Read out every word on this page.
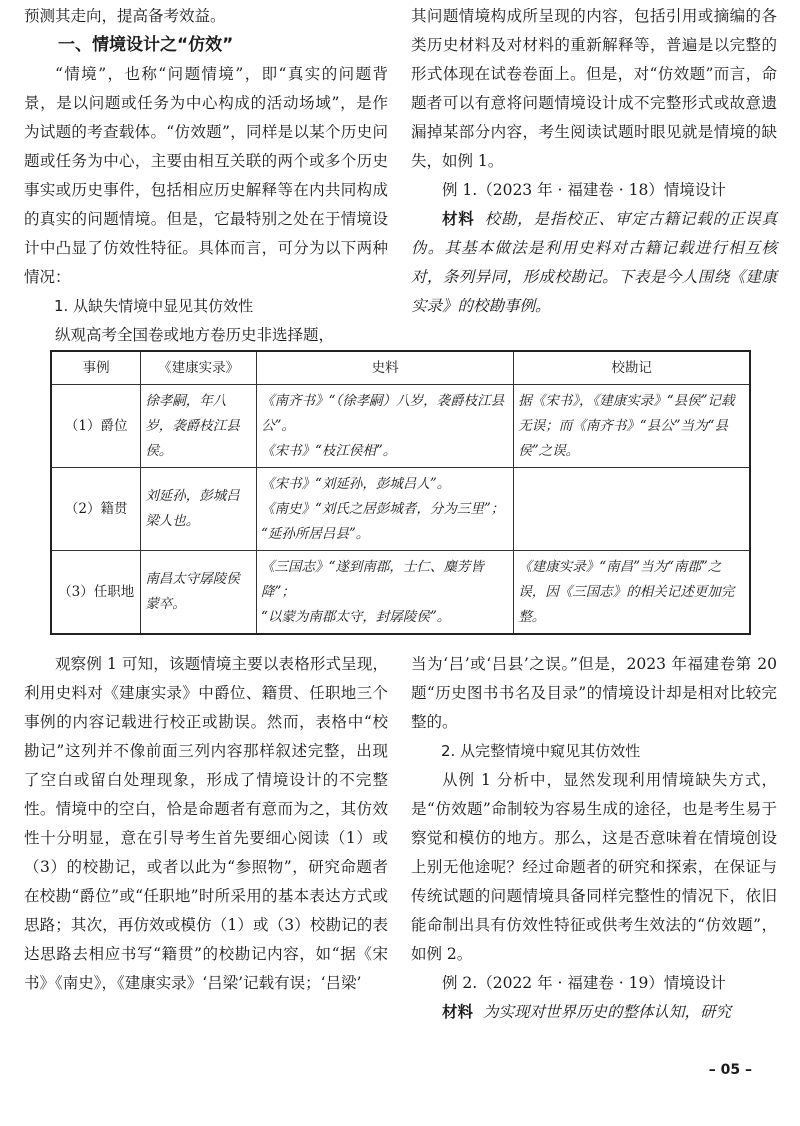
预测其走向，提高备考效益。

一、情境设计之“仿效”

“情境”，也称“问题情境”，即“真实的问题背景，是以问题或任务为中心构成的活动场域”，是作为试题的考查载体。“仿效题”，同样是以某个历史问题或任务为中心，主要由相互关联的两个或多个历史事实或历史事件，包括相应历史解释等在内共同构成的真实的问题情境。但是，它最特别之处在于情境设计中凸显了仿效性特征。具体而言，可分为以下两种情况：

1. 从缺失情境中显见其仿效性

纵观高考全国卷或地方卷历史非选择题，

其问题情境构成所呈现的内容，包括引用或摘编的各类历史材料及对材料的重新解释等，普遍是以完整的形式体现在试卷卷面上。但是，对“仿效题”而言，命题者可以有意将问题情境设计成不完整形式或故意遗漏掉某部分内容，考生阅读试题时眼见就是情境的缺失，如例 1。

例 1.（2023 年 · 福建卷 · 18）情境设计

材料 校勘，是指校正、审定古籍记载的正误真伪。其基本做法是利用史料对古籍记载进行相互核对，条列异同，形成校勘记。下表是今人围绕《建康实录》的校勘事例。

事例	《建康实录》	史料	校勘记
（1）爵位	徐孝嗣，年八岁，袭爵枝江县侯。	《南齐书》“（徐孝嗣）八岁，袭爵枝江县公”。
《宋书》“枝江侯相”。	据《宋书》，《建康实录》“县侯”记载无误；而《南齐书》“县公”当为“县侯”之误。
（2）籍贯	刘延孙，彭城吕梁人也。	《宋书》“刘延孙，彭城吕人”。
《南史》“刘氏之居彭城者，分为三里”；
“延孙所居吕县”。	

（3）任职地	南昌太守孱陵侯蒙卒。	《三国志》“遂到南郡，士仁、麋芳皆降”；
“以蒙为南郡太守，封孱陵侯”。	《建康实录》“南昌”当为“南郡”之误，因《三国志》的相关记述更加完整。

观察例 1 可知，该题情境主要以表格形式呈现，利用史料对《建康实录》中爵位、籍贯、任职地三个事例的内容记载进行校正或勘误。然而，表格中“校勘记”这列并不像前面三列内容那样叙述完整，出现了空白或留白处理现象，形成了情境设计的不完整性。情境中的空白，恰是命题者有意而为之，其仿效性十分明显，意在引导考生首先要细心阅读（1）或（3）的校勘记，或者以此为“参照物”，研究命题者在校勘“爵位”或“任职地”时所采用的基本表达方式或思路；其次，再仿效或模仿（1）或（3）校勘记的表达思路去相应书写“籍贯”的校勘记内容，如“据《宋书》《南史》，《建康实录》‘吕梁’记载有误；‘吕梁’

当为‘吕’或‘吕县’之误。”但是，2023 年福建卷第 20 题“历史图书书名及目录”的情境设计却是相对比较完整的。

2. 从完整情境中窥见其仿效性

从例 1 分析中，显然发现利用情境缺失方式，是“仿效题”命制较为容易生成的途径，也是考生易于察觉和模仿的地方。那么，这是否意味着在情境创设上别无他途呢？经过命题者的研究和探索，在保证与传统试题的问题情境具备同样完整性的情况下，依旧能命制出具有仿效性特征或供考生效法的“仿效题”，如例 2。

例 2.（2022 年 · 福建卷 · 19）情境设计

材料 为实现对世界历史的整体认知，研究

– 05 –
